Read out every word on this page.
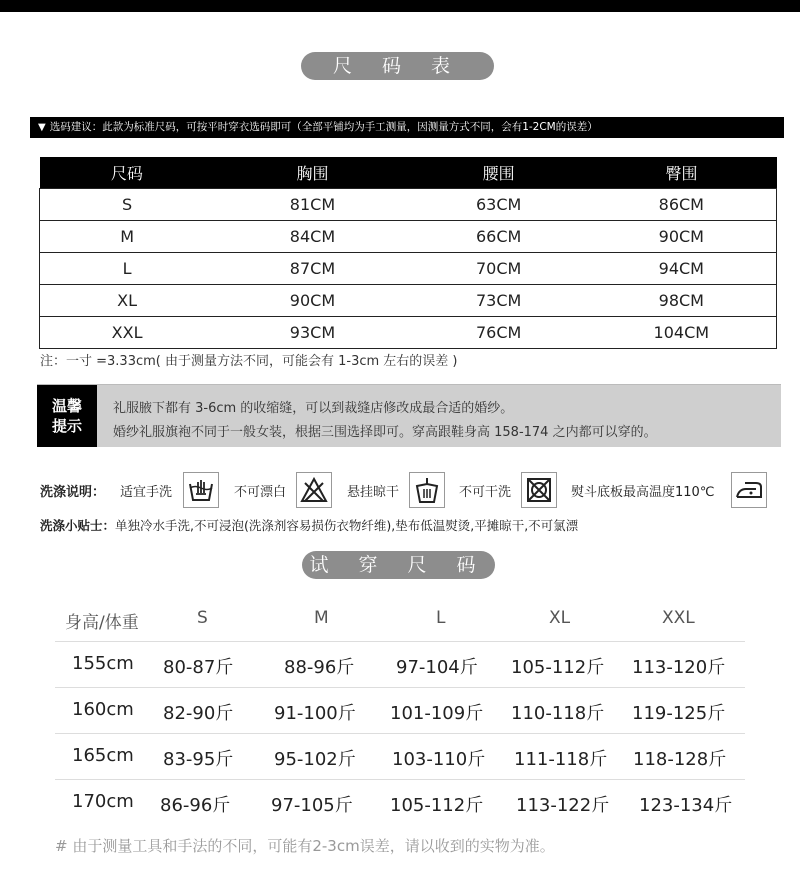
尺 码 表
▼ 选码建议：此款为标准尺码，可按平时穿衣选码即可（全部平铺均为手工测量，因测量方式不同，会有1-2CM的误差）
尺码	胸围	腰围	臀围
S	81CM	63CM	86CM
M	84CM	66CM	90CM
L	87CM	70CM	94CM
XL	90CM	73CM	98CM
XXL	93CM	76CM	104CM
注：一寸 =3.33cm( 由于测量方法不同，可能会有 1-3cm 左右的误差 )
温馨
提示
礼服腋下都有 3-6cm 的收缩缝，可以到裁缝店修改成最合适的婚纱。
婚纱礼服旗袍不同于一般女装，根据三围选择即可。穿高跟鞋身高 158-174 之内都可以穿的。
洗涤说明： 适宜手洗	不可漂白	悬挂晾干	不可干洗	熨斗底板最高温度110℃
洗涤小贴士：单独冷水手洗,不可浸泡(洗涤剂容易损伤衣物纤维),垫布低温熨烫,平摊晾干,不可氯漂
试 穿 尺 码
身高/体重	S	M	L	XL	XXL
155cm 80-87斤	88-96斤 97-104斤 105-112斤 113-120斤
160cm 82-90斤 91-100斤 101-109斤 110-118斤 119-125斤
165cm 83-95斤 95-102斤 103-110斤 111-118斤 118-128斤
170cm 86-96斤 97-105斤 105-112斤 113-122斤 123-134斤
# 由于测量工具和手法的不同，可能有2-3cm误差，请以收到的实物为准。
